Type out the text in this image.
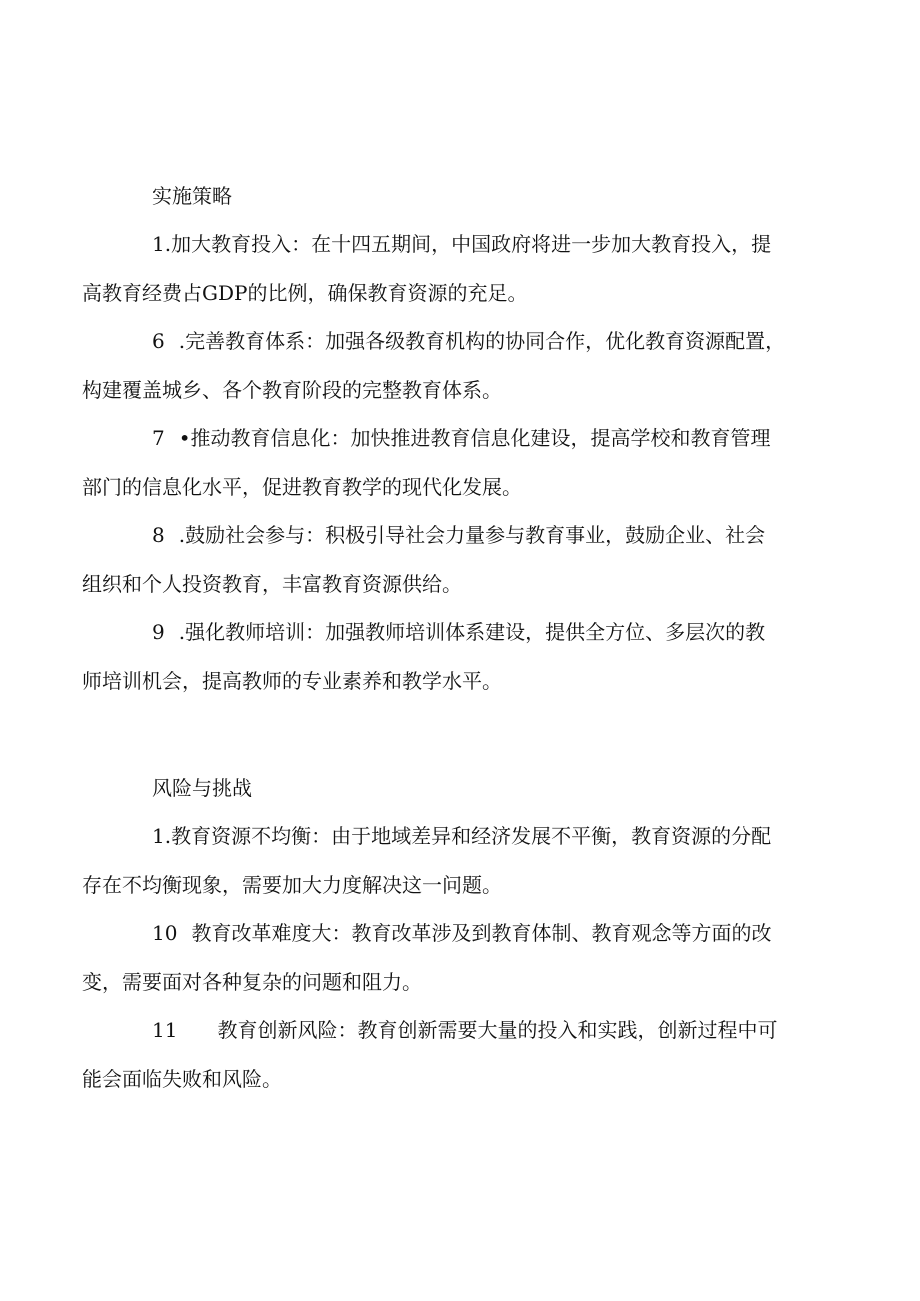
实施策略
1.加大教育投入：在十四五期间，中国政府将进一步加大教育投入，提
高教育经费占GDP的比例，确保教育资源的充足。
6 .完善教育体系：加强各级教育机构的协同合作，优化教育资源配置，
构建覆盖城乡、各个教育阶段的完整教育体系。
7 •推动教育信息化：加快推进教育信息化建设，提高学校和教育管理
部门的信息化水平，促进教育教学的现代化发展。
8 .鼓励社会参与：积极引导社会力量参与教育事业，鼓励企业、社会
组织和个人投资教育，丰富教育资源供给。
9 .强化教师培训：加强教师培训体系建设，提供全方位、多层次的教
师培训机会，提高教师的专业素养和教学水平。
风险与挑战
1.教育资源不均衡：由于地域差异和经济发展不平衡，教育资源的分配
存在不均衡现象，需要加大力度解决这一问题。
10 教育改革难度大：教育改革涉及到教育体制、教育观念等方面的改
变，需要面对各种复杂的问题和阻力。
11 教育创新风险：教育创新需要大量的投入和实践，创新过程中可
能会面临失败和风险。
